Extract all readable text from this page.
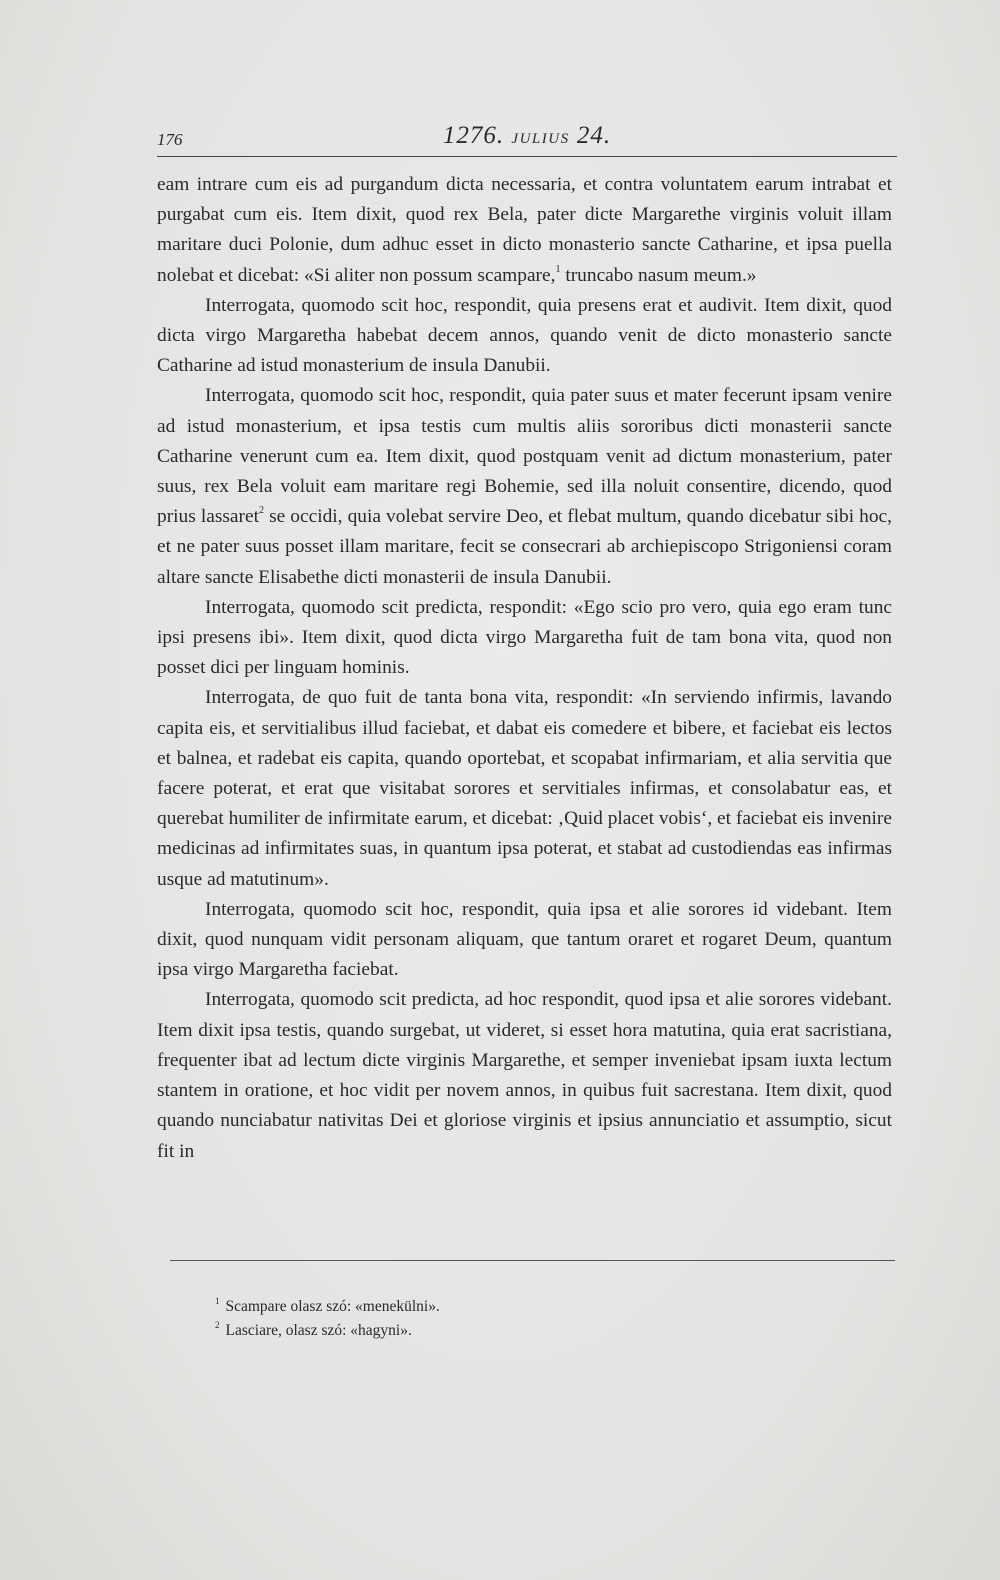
176	1276. JULIUS 24.

eam intrare cum eis ad purgandum dicta necessaria, et contra voluntatem earum intrabat et purgabat cum eis. Item dixit, quod rex Bela, pater dicte Margarethe virginis voluit illam maritare duci Polonie, dum adhuc esset in dicto monasterio sancte Catharine, et ipsa puella nolebat et dicebat: «Si aliter non possum scampare,$^1$ truncabo nasum meum.»

Interrogata, quomodo scit hoc, respondit, quia presens erat et audivit. Item dixit, quod dicta virgo Margaretha habebat decem annos, quando venit de dicto monasterio sancte Catharine ad istud monasterium de insula Danubii.

Interrogata, quomodo scit hoc, respondit, quia pater suus et mater fecerunt ipsam venire ad istud monasterium, et ipsa testis cum multis aliis sororibus dicti monasterii sancte Catharine venerunt cum ea. Item dixit, quod postquam venit ad dictum monasterium, pater suus, rex Bela voluit eam maritare regi Bohemie, sed illa noluit consentire, dicendo, quod prius lassaret$^2$ se occidi, quia volebat servire Deo, et flebat multum, quando dicebatur sibi hoc, et ne pater suus posset illam maritare, fecit se consecrari ab archiepiscopo Strigoniensi coram altare sancte Elisabethe dicti monasterii de insula Danubii.

Interrogata, quomodo scit predicta, respondit: «Ego scio pro vero, quia ego eram tunc ipsi presens ibi». Item dixit, quod dicta virgo Margaretha fuit de tam bona vita, quod non posset dici per linguam hominis.

Interrogata, de quo fuit de tanta bona vita, respondit: «In serviendo infirmis, lavando capita eis, et servitialibus illud faciebat, et dabat eis comedere et bibere, et faciebat eis lectos et balnea, et radebat eis capita, quando oportebat, et scopabat infirmariam, et alia servitia que facere poterat, et erat que visitabat sorores et servitiales infirmas, et consolabatur eas, et querebat humiliter de infirmitate earum, et dicebat: ‚Quid placet vobis‘, et faciebat eis invenire medicinas ad infirmitates suas, in quantum ipsa poterat, et stabat ad custodiendas eas infirmas usque ad matutinum».

Interrogata, quomodo scit hoc, respondit, quia ipsa et alie sorores id videbant. Item dixit, quod nunquam vidit personam aliquam, que tantum oraret et rogaret Deum, quantum ipsa virgo Margaretha faciebat.

Interrogata, quomodo scit predicta, ad hoc respondit, quod ipsa et alie sorores videbant. Item dixit ipsa testis, quando surgebat, ut videret, si esset hora matutina, quia erat sacristiana, frequenter ibat ad lectum dicte virginis Margarethe, et semper inveniebat ipsam iuxta lectum stantem in oratione, et hoc vidit per novem annos, in quibus fuit sacrestana. Item dixit, quod quando nunciabatur nativitas Dei et gloriose virginis et ipsius annunciatio et assumptio, sicut fit in

$^1$ Scampare olasz szó: «menekülni».
$^2$ Lasciare, olasz szó: «hagyni».
